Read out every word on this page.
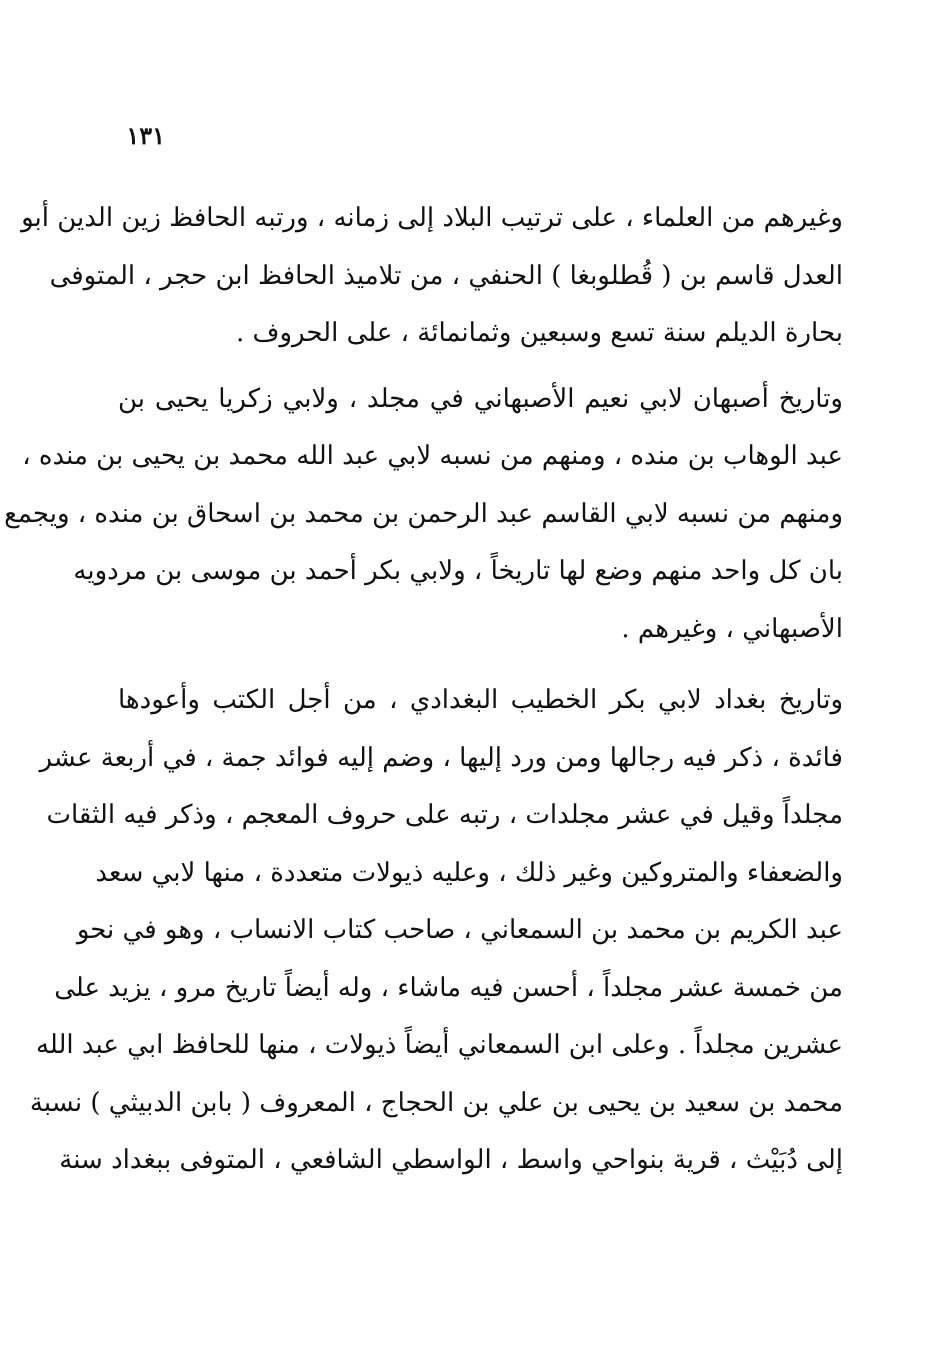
١٣١
وغيرهم من العلماء ، على ترتيب البلاد إلى زمانه ، ورتبه الحافظ زين الدين أبو
العدل قاسم بن ( قُطلوبغا ) الحنفي ، من تلاميذ الحافظ ابن حجر ، المتوفى
بحارة الديلم سنة تسع وسبعين وثمانمائة ، على الحروف .
وتاريخ أصبهان لابي نعيم الأصبهاني في مجلد ، ولابي زكريا يحيى بن
عبد الوهاب بن منده ، ومنهم من نسبه لابي عبد الله محمد بن يحيى بن منده ،
ومنهم من نسبه لابي القاسم عبد الرحمن بن محمد بن اسحاق بن منده ، ويجمع
بان كل واحد منهم وضع لها تاريخاً ، ولابي بكر أحمد بن موسى بن مردويه
الأصبهاني ، وغيرهم .
وتاريخ بغداد لابي بكر الخطيب البغدادي ، من أجل الكتب وأعودها
فائدة ، ذكر فيه رجالها ومن ورد إليها ، وضم إليه فوائد جمة ، في أربعة عشر
مجلداً وقيل في عشر مجلدات ، رتبه على حروف المعجم ، وذكر فيه الثقات
والضعفاء والمتروكين وغير ذلك ، وعليه ذيولات متعددة ، منها لابي سعد
عبد الكريم بن محمد بن السمعاني ، صاحب كتاب الانساب ، وهو في نحو
من خمسة عشر مجلداً ، أحسن فيه ماشاء ، وله أيضاً تاريخ مرو ، يزيد على
عشرين مجلداً . وعلى ابن السمعاني أيضاً ذيولات ، منها للحافظ ابي عبد الله
محمد بن سعيد بن يحيى بن علي بن الحجاج ، المعروف ( بابن الدبيثي ) نسبة
إلى دُبَيْث ، قرية بنواحي واسط ، الواسطي الشافعي ، المتوفى ببغداد سنة
